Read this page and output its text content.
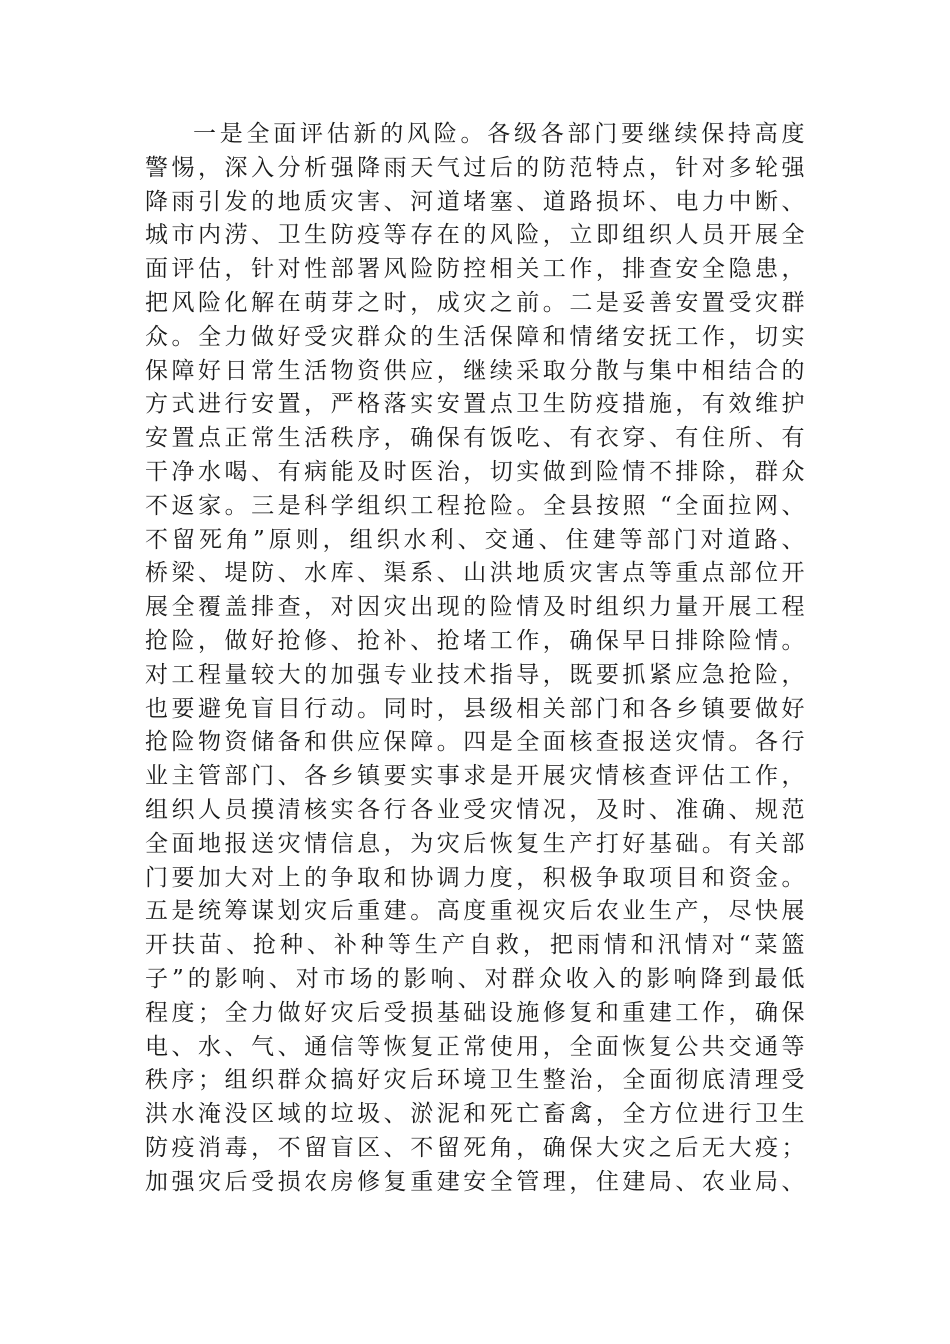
一是全面评估新的风险。各级各部门要继续保持高度
警惕，深入分析强降雨天气过后的防范特点，针对多轮强
降雨引发的地质灾害、河道堵塞、道路损坏、电力中断、
城市内涝、卫生防疫等存在的风险，立即组织人员开展全
面评估，针对性部署风险防控相关工作，排查安全隐患，
把风险化解在萌芽之时，成灾之前。二是妥善安置受灾群
众。全力做好受灾群众的生活保障和情绪安抚工作，切实
保障好日常生活物资供应，继续采取分散与集中相结合的
方式进行安置，严格落实安置点卫生防疫措施，有效维护
安置点正常生活秩序，确保有饭吃、有衣穿、有住所、有
干净水喝、有病能及时医治，切实做到险情不排除，群众
不返家。三是科学组织工程抢险。全县按照 “全面拉网、
不留死角”原则，组织水利、交通、住建等部门对道路、
桥梁、堤防、水库、渠系、山洪地质灾害点等重点部位开
展全覆盖排查，对因灾出现的险情及时组织力量开展工程
抢险，做好抢修、抢补、抢堵工作，确保早日排除险情。
对工程量较大的加强专业技术指导，既要抓紧应急抢险，
也要避免盲目行动。同时，县级相关部门和各乡镇要做好
抢险物资储备和供应保障。四是全面核查报送灾情。各行
业主管部门、各乡镇要实事求是开展灾情核查评估工作，
组织人员摸清核实各行各业受灾情况，及时、准确、规范
全面地报送灾情信息，为灾后恢复生产打好基础。有关部
门要加大对上的争取和协调力度，积极争取项目和资金。
五是统筹谋划灾后重建。高度重视灾后农业生产，尽快展
开扶苗、抢种、补种等生产自救，把雨情和汛情对“菜篮
子”的影响、对市场的影响、对群众收入的影响降到最低
程度；全力做好灾后受损基础设施修复和重建工作，确保
电、水、气、通信等恢复正常使用，全面恢复公共交通等
秩序；组织群众搞好灾后环境卫生整治，全面彻底清理受
洪水淹没区域的垃圾、淤泥和死亡畜禽，全方位进行卫生
防疫消毒，不留盲区、不留死角，确保大灾之后无大疫；
加强灾后受损农房修复重建安全管理，住建局、农业局、
